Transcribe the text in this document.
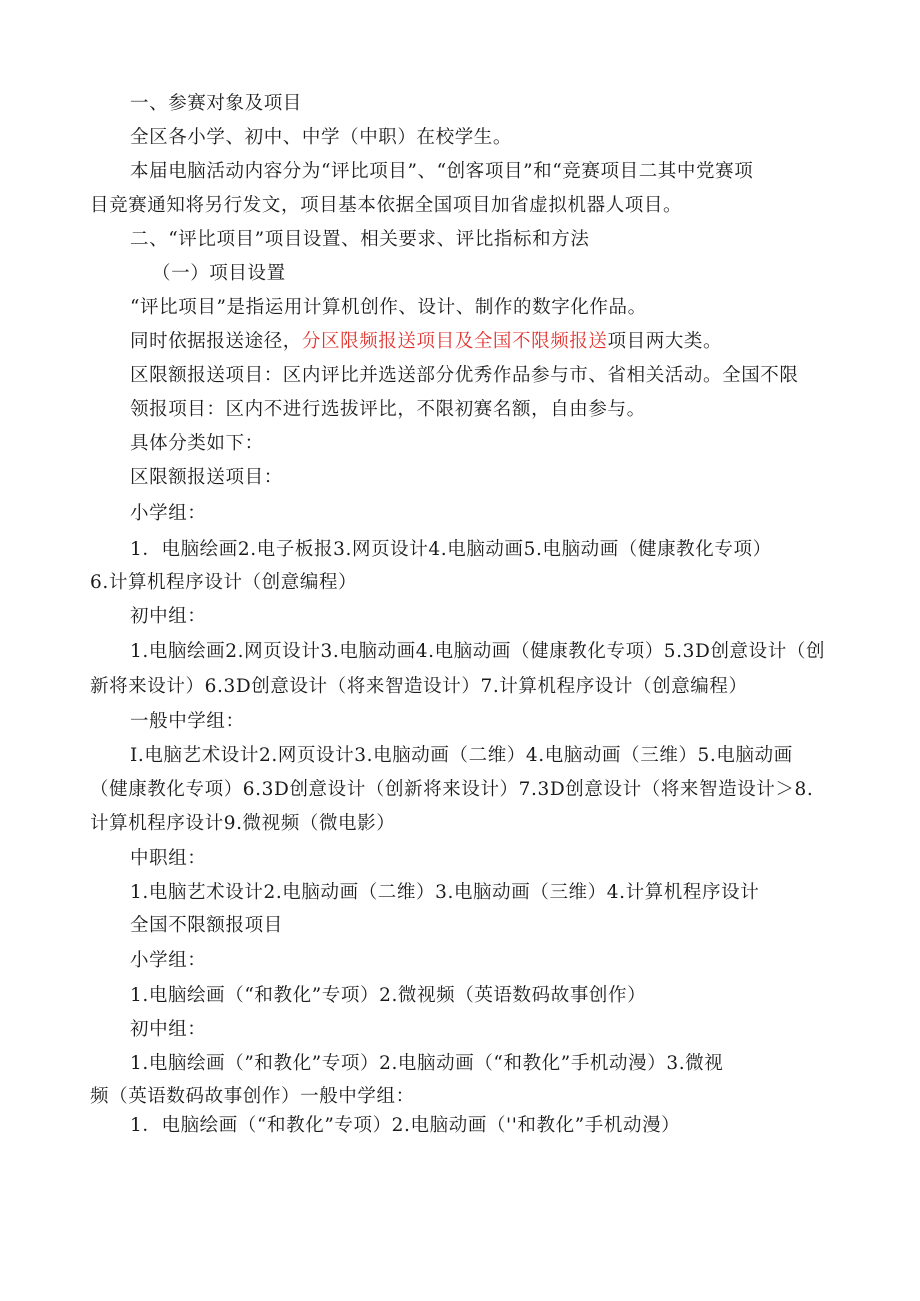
一、参赛对象及项目
全区各小学、初中、中学（中职）在校学生。
本届电脑活动内容分为“评比项目”、“创客项目”和“竞赛项目二其中党赛项
目竞赛通知将另行发文，项目基本依据全国项目加省虚拟机器人项目。
二、“评比项目”项目设置、相关要求、评比指标和方法
（一）项目设置
“评比项目”是指运用计算机创作、设计、制作的数字化作品。
同时依据报送途径，分区限频报送项目及全国不限频报送项目两大类。
区限额报送项目：区内评比并选送部分优秀作品参与市、省相关活动。全国不限
领报项目：区内不进行选拔评比，不限初赛名额，自由参与。
具体分类如下：
区限额报送项目：
小学组：
1．电脑绘画2.电子板报3.网页设计4.电脑动画5.电脑动画（健康教化专项）
6.计算机程序设计（创意编程）
初中组：
1.电脑绘画2.网页设计3.电脑动画4.电脑动画（健康教化专项）5.3D创意设计（创
新将来设计）6.3D创意设计（将来智造设计）7.计算机程序设计（创意编程）
一般中学组：
I.电脑艺术设计2.网页设计3.电脑动画（二维）4.电脑动画（三维）5.电脑动画
（健康教化专项）6.3D创意设计（创新将来设计）7.3D创意设计（将来智造设计＞8.
计算机程序设计9.微视频（微电影）
中职组：
1.电脑艺术设计2.电脑动画（二维）3.电脑动画（三维）4.计算机程序设计
全国不限额报项目
小学组：
1.电脑绘画（“和教化”专项）2.微视频（英语数码故事创作）
初中组：
1.电脑绘画（”和教化”专项）2.电脑动画（“和教化”手机动漫）3.微视
频（英语数码故事创作）一般中学组：
1．电脑绘画（“和教化”专项）2.电脑动画（''和教化”手机动漫）
